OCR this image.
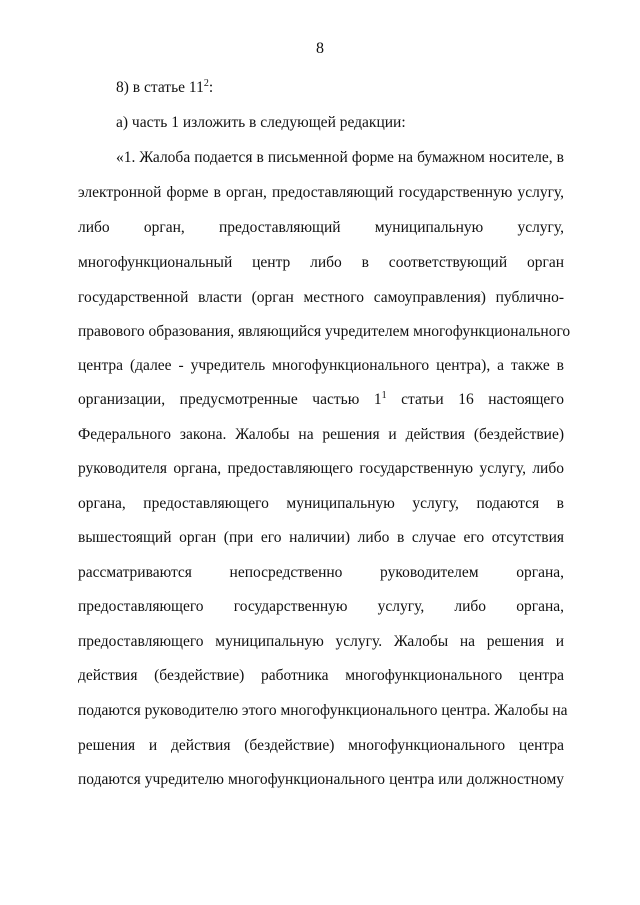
8
8) в статье $11^2$:
а) часть 1 изложить в следующей редакции:
«1. Жалоба подается в письменной форме на бумажном носителе, в
электронной форме в орган, предоставляющий государственную услугу,
либо орган, предоставляющий муниципальную услугу,
многофункциональный центр либо в соответствующий орган
государственной власти (орган местного самоуправления) публично-
правового образования, являющийся учредителем многофункционального
центра (далее - учредитель многофункционального центра), а также в
организации, предусмотренные частью $1^1$ статьи 16 настоящего
Федерального закона. Жалобы на решения и действия (бездействие)
руководителя органа, предоставляющего государственную услугу, либо
органа, предоставляющего муниципальную услугу, подаются в
вышестоящий орган (при его наличии) либо в случае его отсутствия
рассматриваются непосредственно руководителем органа,
предоставляющего государственную услугу, либо органа,
предоставляющего муниципальную услугу. Жалобы на решения и
действия (бездействие) работника многофункционального центра
подаются руководителю этого многофункционального центра. Жалобы на
решения и действия (бездействие) многофункционального центра
подаются учредителю многофункционального центра или должностному
